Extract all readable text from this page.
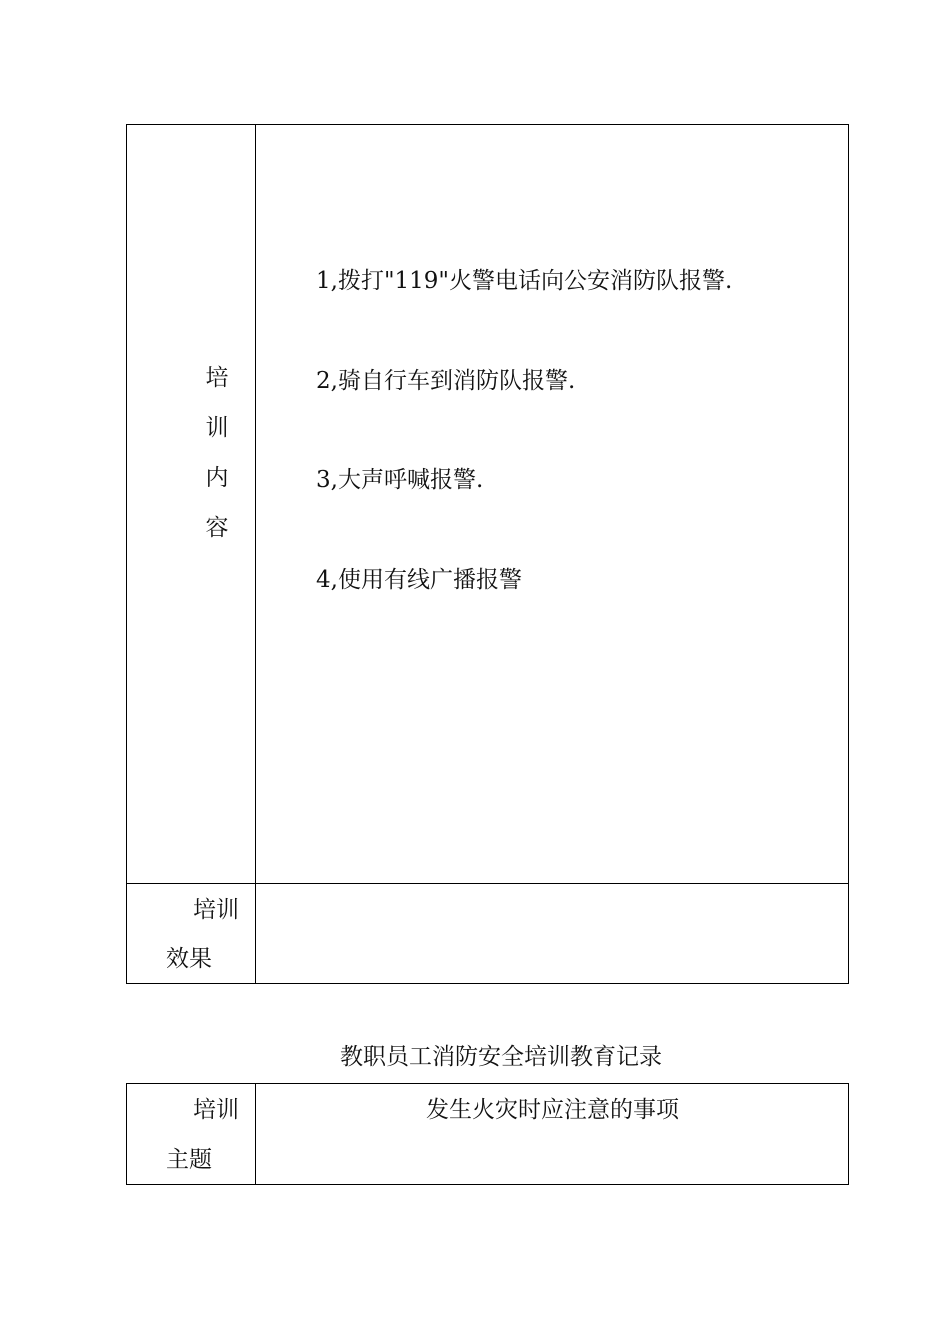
培
训
内
容
1,拨打"119"火警电话向公安消防队报警.
2,骑自行车到消防队报警.
3,大声呼喊报警.
4,使用有线广播报警
培训
效果
教职员工消防安全培训教育记录
培训
主题
发生火灾时应注意的事项
